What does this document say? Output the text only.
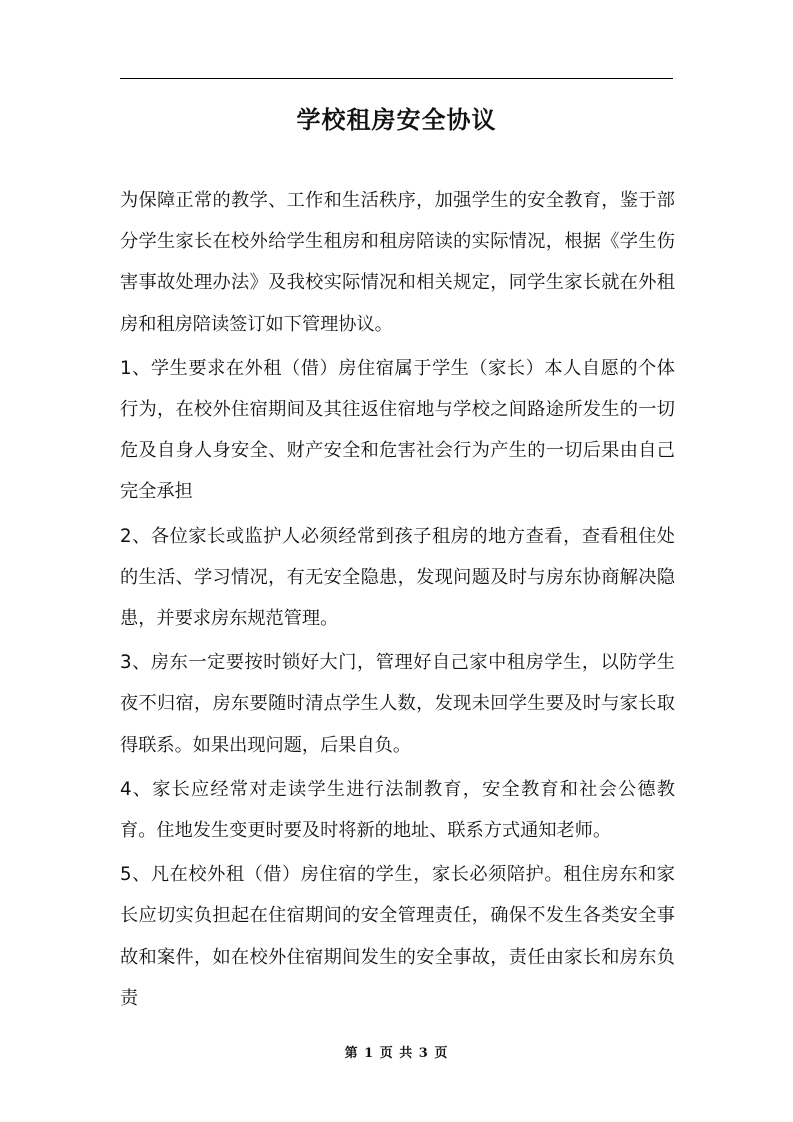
学校租房安全协议

为保障正常的教学、工作和生活秩序，加强学生的安全教育，鉴于部分学生家长在校外给学生租房和租房陪读的实际情况，根据《学生伤害事故处理办法》及我校实际情况和相关规定，同学生家长就在外租房和租房陪读签订如下管理协议。

1、学生要求在外租（借）房住宿属于学生（家长）本人自愿的个体行为，在校外住宿期间及其往返住宿地与学校之间路途所发生的一切危及自身人身安全、财产安全和危害社会行为产生的一切后果由自己完全承担

2、各位家长或监护人必须经常到孩子租房的地方查看，查看租住处的生活、学习情况，有无安全隐患，发现问题及时与房东协商解决隐患，并要求房东规范管理。

3、房东一定要按时锁好大门，管理好自己家中租房学生，以防学生夜不归宿，房东要随时清点学生人数，发现未回学生要及时与家长取得联系。如果出现问题，后果自负。

4、家长应经常对走读学生进行法制教育，安全教育和社会公德教育。住地发生变更时要及时将新的地址、联系方式通知老师。

5、凡在校外租（借）房住宿的学生，家长必须陪护。租住房东和家长应切实负担起在住宿期间的安全管理责任，确保不发生各类安全事故和案件，如在校外住宿期间发生的安全事故，责任由家长和房东负责

第 1 页 共 3 页
